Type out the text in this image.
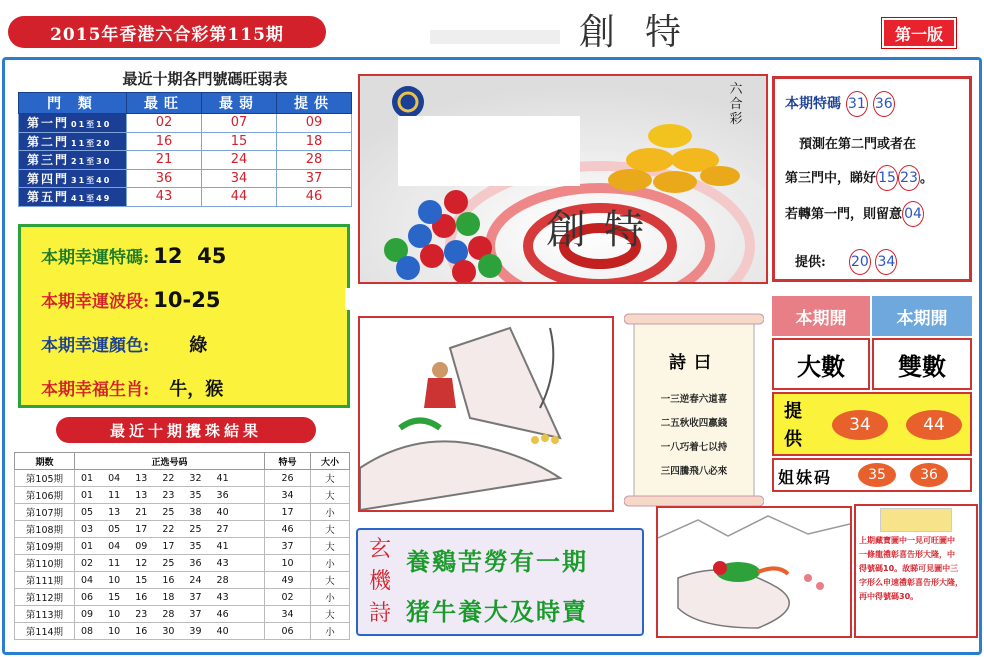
2015年香港六合彩第115期	創特	第一版
最近十期各門號碼旺弱表
門 類	最旺	最弱	提供
第一門 01至10	02	07	09
第二門 11至20	16	15	18
第三門 21至30	21	24	28
第四門 31至40	36	34	37
第五門 41至49	43	44	46
本期幸運特碼: 12  45
本期幸運波段: 10-25
本期幸運顏色: 綠
本期幸福生肖: 牛，猴
最近十期攪珠結果
期数	正选号码	特号	大小
第105期	01 04 13 22 32 41	26	大
第106期	01 11 13 23 35 36	34	大
第107期	05 13 21 25 38 40	17	小
第108期	03 05 17 22 25 27	46	大
第109期	01 04 09 17 35 41	37	大
第110期	02 11 12 25 36 43	10	小
第111期	04 10 15 16 24 28	49	大
第112期	06 15 16 18 37 43	02	小
第113期	09 10 23 28 37 46	34	大
第114期	08 10 16 30 39 40	06	小
六合彩
創特
詩曰
一三逆春六道喜
二五秋收四嬴錢
一八巧着七以持
三四騰飛八必來
本期特碼 31 36
預測在第二門或者在
第三門中，睇好 15 23 。
若轉第一門，則留意 04
提供: 20 34
本期開	本期開
大數	雙數
提供
34	44
姐妹码	35	36
玄機詩
養鷄苦勞有一期
猪牛養大及時賣
上期藏寶圖中一見可旺圖中
一條龍禮彰喜告形大隆，中
得號碼10。故睇可見圖中三
字形么申速禮彰喜告形大隆，
再中得號碼30。
